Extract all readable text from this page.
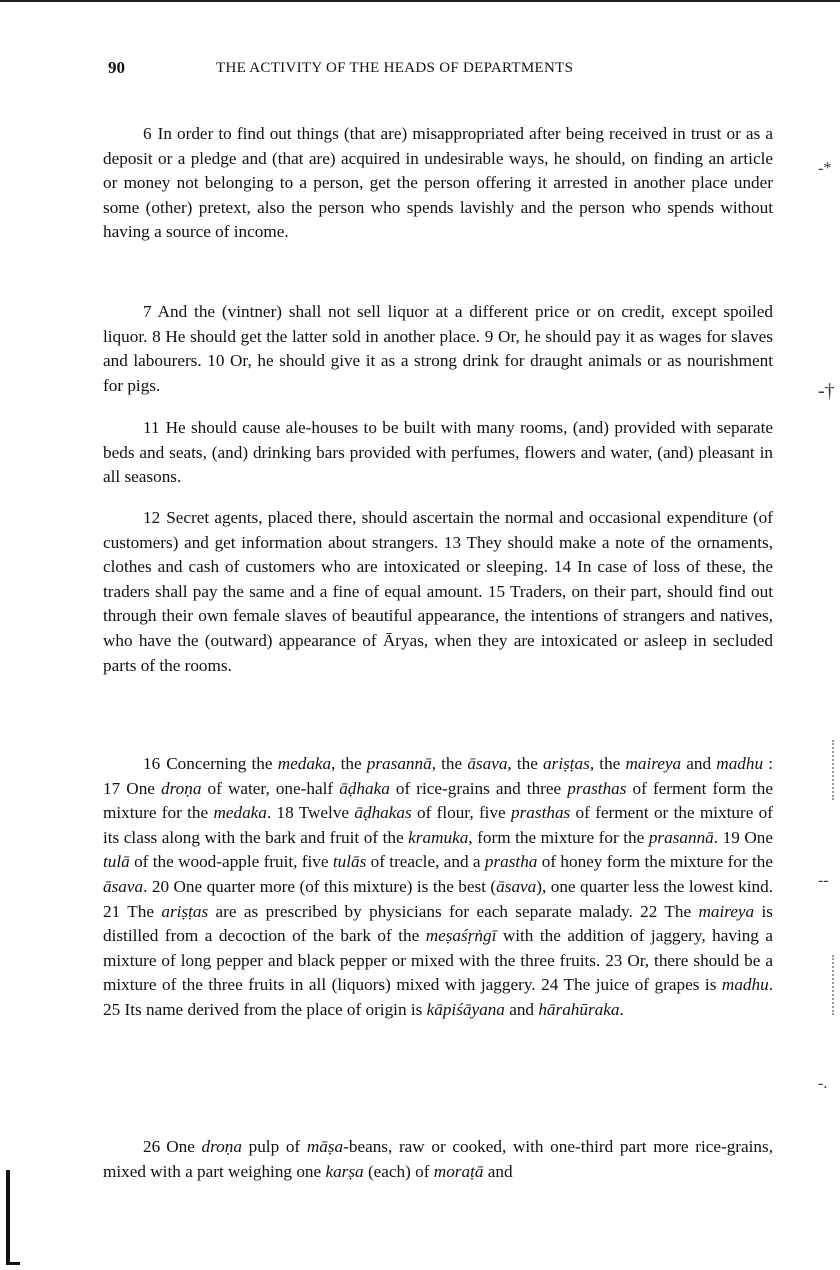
-*
-†
--
-.
90	THE ACTIVITY OF THE HEADS OF DEPARTMENTS

6 In order to find out things (that are) misappropriated after being received in trust or as a deposit or a pledge and (that are) acquired in undesirable ways, he should, on finding an article or money not belonging to a person, get the person offering it arrested in another place under some (other) pretext, also the person who spends lavishly and the person who spends without having a source of income.

7 And the (vintner) shall not sell liquor at a different price or on credit, except spoiled liquor. 8 He should get the latter sold in another place. 9 Or, he should pay it as wages for slaves and labourers. 10 Or, he should give it as a strong drink for draught animals or as nourishment for pigs.

11 He should cause ale-houses to be built with many rooms, (and) provided with separate beds and seats, (and) drinking bars provided with perfumes, flowers and water, (and) pleasant in all seasons.

12 Secret agents, placed there, should ascertain the normal and occasional expenditure (of customers) and get information about strangers. 13 They should make a note of the ornaments, clothes and cash of customers who are intoxicated or sleeping. 14 In case of loss of these, the traders shall pay the same and a fine of equal amount. 15 Traders, on their part, should find out through their own female slaves of beautiful appearance, the intentions of strangers and natives, who have the (outward) appearance of Āryas, when they are intoxicated or asleep in secluded parts of the rooms.

16 Concerning the medaka, the prasannā, the āsava, the ariṣṭas, the maireya and madhu : 17 One droṇa of water, one-half āḍhaka of rice-grains and three prasthas of ferment form the mixture for the medaka. 18 Twelve āḍhakas of flour, five prasthas of ferment or the mixture of its class along with the bark and fruit of the kramuka, form the mixture for the prasannā. 19 One tulā of the wood-apple fruit, five tulās of treacle, and a prastha of honey form the mixture for the āsava. 20 One quarter more (of this mixture) is the best (āsava), one quarter less the lowest kind. 21 The ariṣṭas are as prescribed by physicians for each separate malady. 22 The maireya is distilled from a decoction of the bark of the meṣaśṛṅgī with the addition of jaggery, having a mixture of long pepper and black pepper or mixed with the three fruits. 23 Or, there should be a mixture of the three fruits in all (liquors) mixed with jaggery. 24 The juice of grapes is madhu. 25 Its name derived from the place of origin is kāpiśāyana and hārahūraka.

26 One droṇa pulp of māṣa-beans, raw or cooked, with one-third part more rice-grains, mixed with a part weighing one karṣa (each) of moraṭā and
